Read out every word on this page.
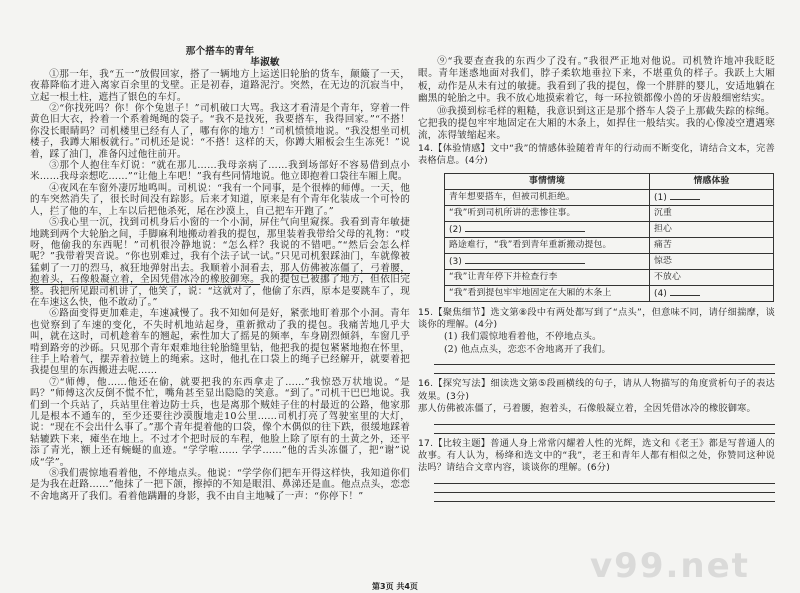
那个搭车的青年
毕淑敏

①那一年，我“五一”放假回家，搭了一辆地方上运送旧轮胎的货车，颠簸了一天，夜幕降临才进入离家百余里的戈壁。正是初春，道路泥泞。突然，在无边的沉寂当中，立起一根土柱，遮挡了银色的车灯。

②“你找死吗？你！你个兔崽子！”司机破口大骂。我这才看清是个青年，穿着一件黄色旧大衣，拎着一个系着绳绳的袋子。“我不是找死，我要搭车，我得回家。”“不搭！你没长眼睛吗？司机楼里已经有人了，哪有你的地方！”司机愤愤地说。“我没想坐司机楼子，我蹲大厢板就行。”司机还是说：“不搭！这样的天，你蹲大厢板会生生冻死！”说着，踩了油门，准备闪过他往前开。

③那个人抱住车灯说：“就在那儿……我母亲病了……我到场部好不容易借到点小米……我母亲想吃……”“让他上车吧！”我有些同情地说。他立即抱着口袋往车厢上爬。

④夜风在车窗外凄厉地鸣叫。司机说：“我有一个同事，是个很棒的师傅。一天，他的车突然消失了，很长时间没有踪影。后来才知道，原来是有个青年化装成一个可怜的人，拦了他的车，上车以后把他杀死，尾在沙漠上，自己把车开跑了。”

⑤我心里一沉，找到司机身后小窗的一个小洞，屏住气向里窥探。我看到青年敏捷地跳到两个大轮胎之间，手脚麻利地搬动着我的提包，那里装着我带给父母的礼物：“哎呀，他偷我的东西呢！”司机很冷静地说：“怎么样？我说的不错吧。”“然后会怎么样呢？”我带着哭音说。“你也别难过，我有个法子试一试。”只见司机狠踩油门，车就像被猛刺了一刀的烈马，疯狂地弹射出去。我顺着小洞看去，那人仿佛被冻僵了，弓着腰，抱着头，石像般凝立着，全因凭借冰冷的橡胶御寒。我的提包已被挪了地方，但依旧完整。我把所见跟司机讲了，他笑了，说：“这就对了，他偷了东西，原本是要跳车了，现在车速这么快，他不敢动了。”

⑥路面变得更加难走，车速减慢了。我不知如何是好，紧张地盯着那个小洞。青年也觉察到了车速的变化，不失时机地站起身，重新掀动了我的提包。我痛苦地几乎大叫，就在这时，司机趁着车的翘起，索性加大了摇晃的频率，车身剧烈倾斜，车窗几乎啃到路旁的沙砾。只见那个青年艰难地往轮胎缝里钻，他把我的提包紧紧地抱在怀里，往手上哈着气，摆弄着拉链上的绳索。这时，他扎在口袋上的绳子已经解开，就要着把我提包里的东西搬进去呢……

⑦“师傅，他……他还在偷，就要把我的东西拿走了……”我惊恐万状地说。“是吗？”师傅这次反倒不慌不忙，嘴角甚至显出隐隐的笑意。“到了。”司机干巴巴地说。我们到一个兵站了，兵站里住着边防士兵，也是离那个贼娃子住的村最近的公路，他家那儿是根本不通车的，至少还要往沙漠腹地走10公里……司机打亮了驾驶室里的大灯，说：“现在不会出什么事了。”那个青年提着他的口袋，像个木偶似的往下跌，很缓地踩着轱辘跌下来，瘫坐在地上。不过才个把时辰的车程，他脸上除了原有的土黄之外，还平添了青光，额上还有蜿蜒的血迹。“学学啦…… 学学……”他的舌头冻僵了，把“谢”说成“学”。

⑧我们震惊地看着他，不停地点头。他说：“学学你们把车开得这样快，我知道你们是为我在赶路……”他抹了一把下颌，擦掉的不知是眼泪、鼻涕还是血。他点点头，恋恋不舍地离开了我们。看着他蹒跚的身影，我不由自主地喊了一声：“你停下！”

⑨“我要查查我的东西少了没有。”我很严正地对他说。司机赞许地冲我眨眨眼。青年迷惑地面对我们，脖子柔软地垂拉下来，不堪重负的样子。我跃上大厢板，动作是从未有过的敏捷。我看到了我的提包，像一个胖胖的婴儿，安适地躺在幽黑的轮胎之中。我不放心地摸索着它，每一环拉锁都像小兽的牙齿般细密结实。

⑩我摸到棕毛样的粗糙，我意识到这正是那个搭车人袋子上那截失踪的棕绳。它把我的提包牢牢地固定在大厢的木条上，如捍住一般结实。我的心像凌空遭遇寒流，冻得皱缩起来。

14.【体验情感】文中“我”的情感体验随着青年的行动而不断变化，请结合文本，完善表格信息。(4分)

事情情境	情感体验
青年想要搭车，但被司机拒绝。	(1)
“我”听到司机所讲的悲惨往事。	沉重
(2)	担心
路途难行，“我”看到青年重新搬动提包。	痛苦
(3)	惊恐
“我”让青年停下并检查行李	不放心
“我”看到提包牢牢地固定在大厢的木条上	(4)

15.【聚焦细节】选文第⑧段中有两处都写到了“点头”，但意味不同，请仔细揣摩，谈谈你的理解。(4分)

(1) 我们震惊地看着他，不停地点头。

(2) 他点点头，恋恋不舍地离开了我们。

16.【探究写法】细读选文第⑤段画横线的句子，请从人物描写的角度赏析句子的表达效果。(3分)

那人仿佛被冻僵了，弓着腰，抱着头，石像般凝立着，全因凭借冰冷的橡胶御寒。

17.【比较主题】普通人身上常常闪耀着人性的光辉，选文和《老王》都是写普通人的故事。有人认为，杨绛和选文中的“我”，老王和青年人都有相似之处，你赞同这种说法吗？请结合文章内容，谈谈你的理解。(6分)

v99.net
第3页 共4页
